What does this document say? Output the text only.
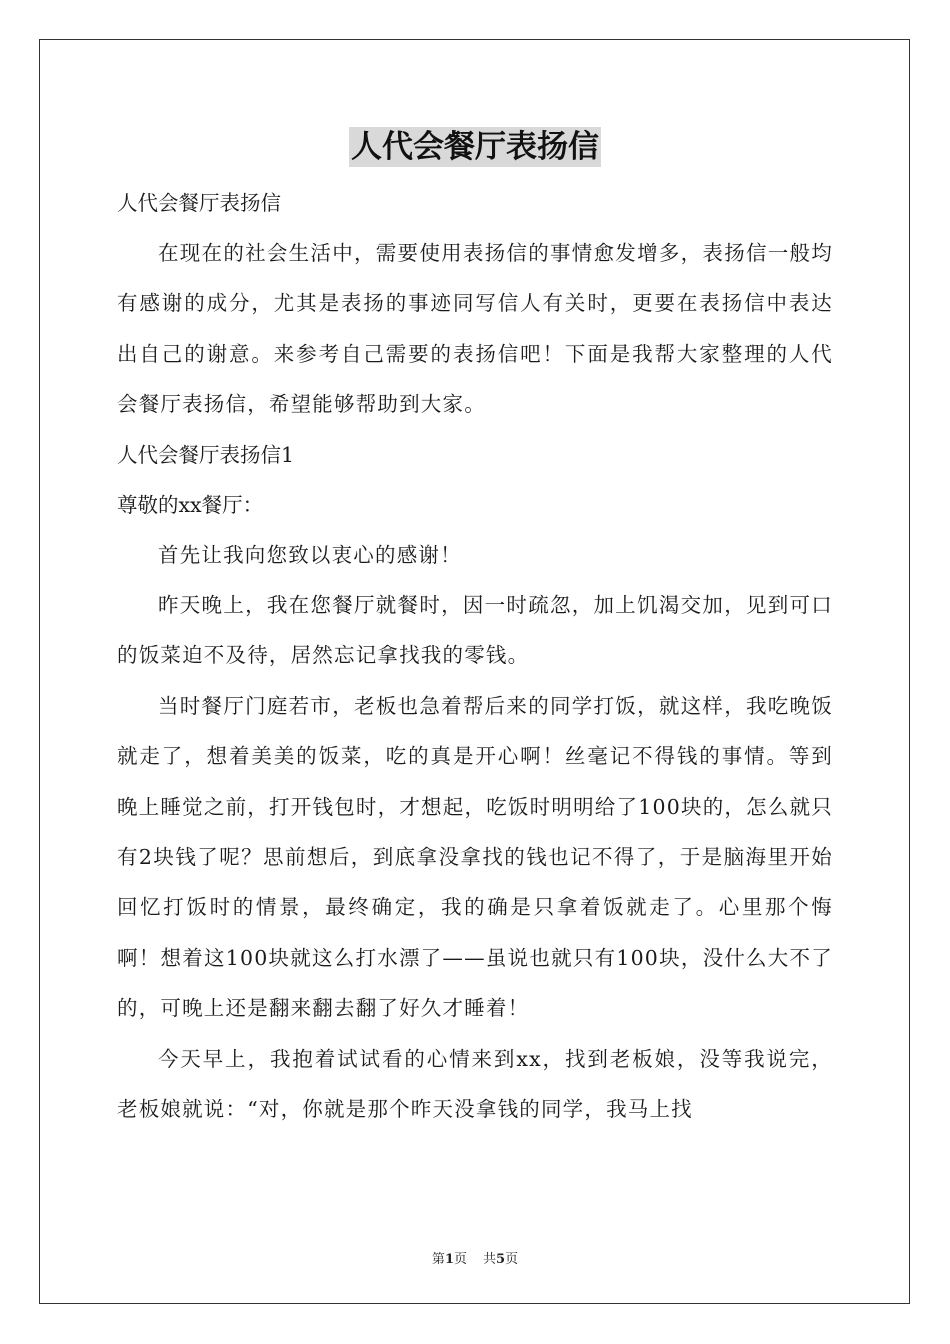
人代会餐厅表扬信
人代会餐厅表扬信
在现在的社会生活中，需要使用表扬信的事情愈发增多，表扬信一般均有感谢的成分，尤其是表扬的事迹同写信人有关时，更要在表扬信中表达出自己的谢意。来参考自己需要的表扬信吧！下面是我帮大家整理的人代会餐厅表扬信，希望能够帮助到大家。
人代会餐厅表扬信1
尊敬的xx餐厅：
首先让我向您致以衷心的感谢！
昨天晚上，我在您餐厅就餐时，因一时疏忽，加上饥渴交加，见到可口的饭菜迫不及待，居然忘记拿找我的零钱。
当时餐厅门庭若市，老板也急着帮后来的同学打饭，就这样，我吃晚饭就走了，想着美美的饭菜，吃的真是开心啊！丝毫记不得钱的事情。等到晚上睡觉之前，打开钱包时，才想起，吃饭时明明给了100块的，怎么就只有2块钱了呢？思前想后，到底拿没拿找的钱也记不得了，于是脑海里开始回忆打饭时的情景，最终确定，我的确是只拿着饭就走了。心里那个悔啊！想着这100块就这么打水漂了——虽说也就只有100块，没什么大不了的，可晚上还是翻来翻去翻了好久才睡着！
今天早上，我抱着试试看的心情来到xx，找到老板娘，没等我说完，老板娘就说：“对，你就是那个昨天没拿钱的同学，我马上找
第1页 共5页
